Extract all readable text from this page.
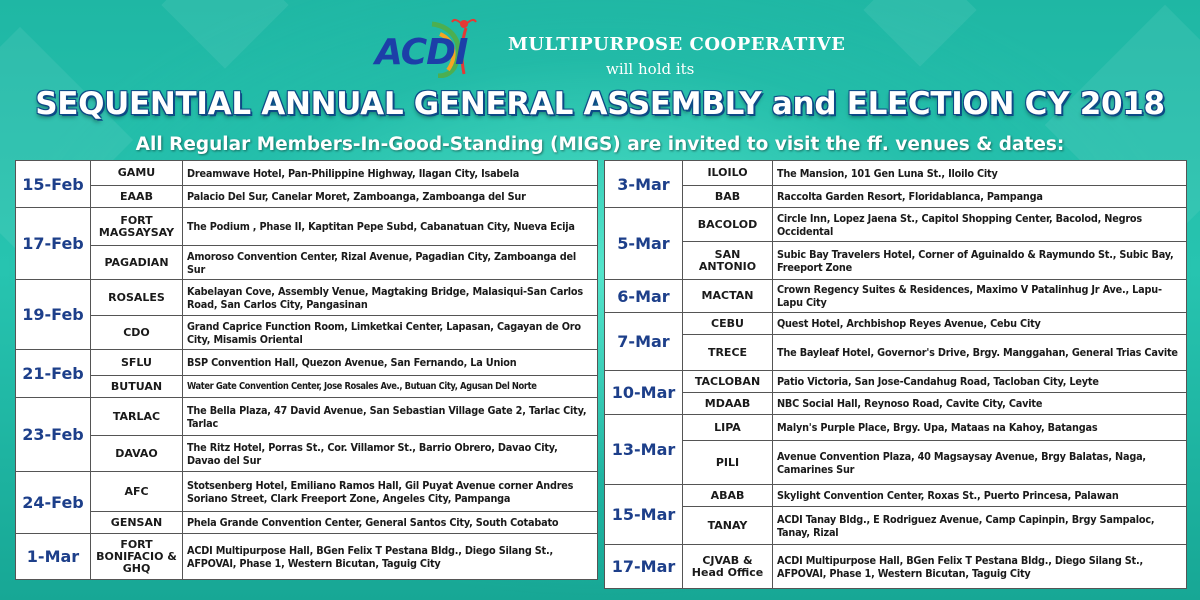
ACDI MULTIPURPOSE COOPERATIVE
will hold its
SEQUENTIAL ANNUAL GENERAL ASSEMBLY and ELECTION CY 2018
All Regular Members-In-Good-Standing (MIGS) are invited to visit the ff. venues & dates:
15-Feb	GAMU	Dreamwave Hotel, Pan-Philippine Highway, Ilagan City, Isabela
	EAAB	Palacio Del Sur, Canelar Moret, Zamboanga, Zamboanga del Sur
17-Feb	FORT MAGSAYSAY	The Podium , Phase II, Kaptitan Pepe Subd, Cabanatuan City, Nueva Ecija
	PAGADIAN	Amoroso Convention Center, Rizal Avenue, Pagadian City, Zamboanga del Sur
19-Feb	ROSALES	Kabelayan Cove, Assembly Venue, Magtaking Bridge, Malasiqui-San Carlos Road, San Carlos City, Pangasinan
	CDO	Grand Caprice Function Room, Limketkai Center, Lapasan, Cagayan de Oro City, Misamis Oriental
21-Feb	SFLU	BSP Convention Hall, Quezon Avenue, San Fernando, La Union
	BUTUAN	Water Gate Convention Center, Jose Rosales Ave., Butuan City, Agusan Del Norte
23-Feb	TARLAC	The Bella Plaza, 47 David Avenue, San Sebastian Village Gate 2, Tarlac City, Tarlac
	DAVAO	The Ritz Hotel, Porras St., Cor. Villamor St., Barrio Obrero, Davao City, Davao del Sur
24-Feb	AFC	Stotsenberg Hotel, Emiliano Ramos Hall, Gil Puyat Avenue corner Andres Soriano Street, Clark Freeport Zone, Angeles City, Pampanga
	GENSAN	Phela Grande Convention Center, General Santos City, South Cotabato
1-Mar	FORT BONIFACIO & GHQ	ACDI Multipurpose Hall, BGen Felix T Pestana Bldg., Diego Silang St., AFPOVAI, Phase 1, Western Bicutan, Taguig City
3-Mar	ILOILO	The Mansion, 101 Gen Luna St., Iloilo City
	BAB	Raccolta Garden Resort, Floridablanca, Pampanga
5-Mar	BACOLOD	Circle Inn, Lopez Jaena St., Capitol Shopping Center, Bacolod, Negros Occidental
	SAN ANTONIO	Subic Bay Travelers Hotel, Corner of Aguinaldo & Raymundo St., Subic Bay, Freeport Zone
6-Mar	MACTAN	Crown Regency Suites & Residences, Maximo V Patalinhug Jr Ave., Lapu-Lapu City
7-Mar	CEBU	Quest Hotel, Archbishop Reyes Avenue, Cebu City
	TRECE	The Bayleaf Hotel, Governor's Drive, Brgy. Manggahan, General Trias Cavite
10-Mar	TACLOBAN	Patio Victoria, San Jose-Candahug Road, Tacloban City, Leyte
	MDAAB	NBC Social Hall, Reynoso Road, Cavite City, Cavite
13-Mar	LIPA	Malyn's Purple Place, Brgy. Upa, Mataas na Kahoy, Batangas
	PILI	Avenue Convention Plaza, 40 Magsaysay Avenue, Brgy Balatas, Naga, Camarines Sur
15-Mar	ABAB	Skylight Convention Center, Roxas St., Puerto Princesa, Palawan
	TANAY	ACDI Tanay Bldg., E Rodriguez Avenue, Camp Capinpin, Brgy Sampaloc, Tanay, Rizal
17-Mar	CJVAB & Head Office	ACDI Multipurpose Hall, BGen Felix T Pestana Bldg., Diego Silang St., AFPOVAI, Phase 1, Western Bicutan, Taguig City
